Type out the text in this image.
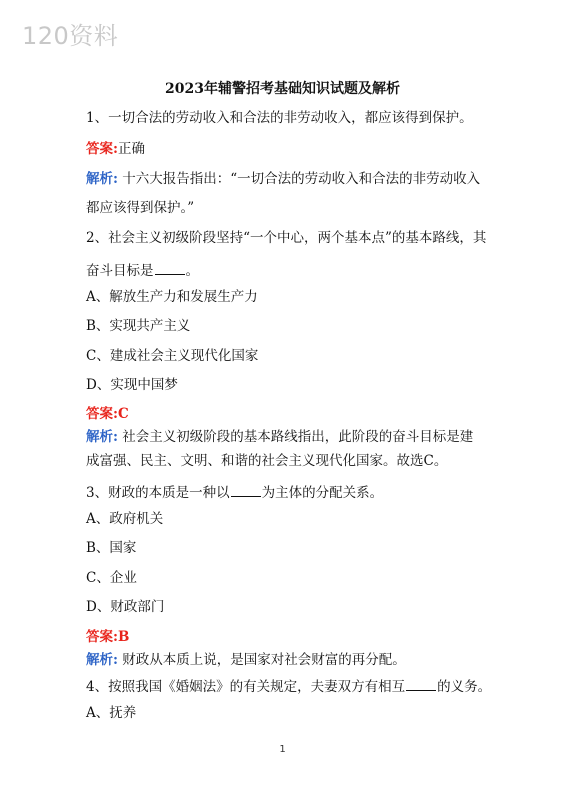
120资料
2023年辅警招考基础知识试题及解析
1、一切合法的劳动收入和合法的非劳动收入，都应该得到保护。
答案:正确
解析: 十六大报告指出：“一切合法的劳动收入和合法的非劳动收入
都应该得到保护。”
2、社会主义初级阶段坚持“一个中心，两个基本点”的基本路线，其
奋斗目标是 。
A、解放生产力和发展生产力
B、实现共产主义
C、建成社会主义现代化国家
D、实现中国梦
答案:C
解析: 社会主义初级阶段的基本路线指出，此阶段的奋斗目标是建
成富强、民主、文明、和谐的社会主义现代化国家。故选C。
3、财政的本质是一种以 为主体的分配关系。
A、政府机关
B、国家
C、企业
D、财政部门
答案:B
解析: 财政从本质上说，是国家对社会财富的再分配。
4、按照我国《婚姻法》的有关规定，夫妻双方有相互 的义务。
A、抚养
1
